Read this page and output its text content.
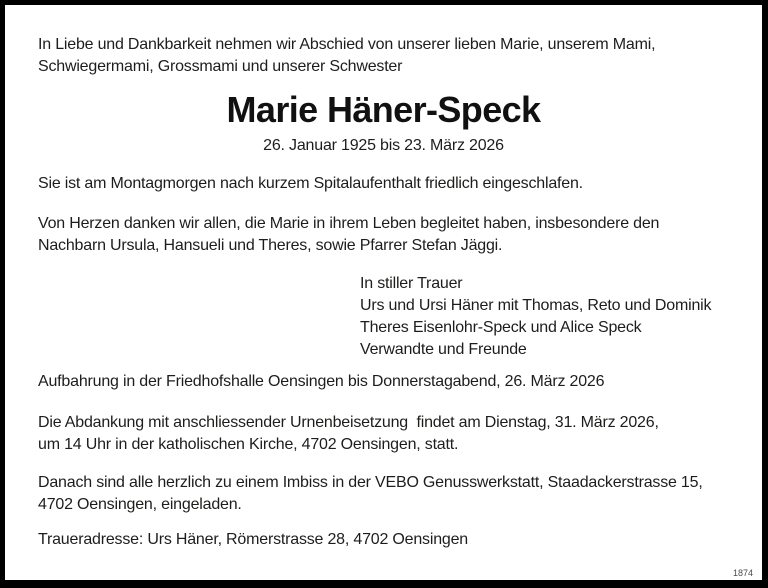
In Liebe und Dankbarkeit nehmen wir Abschied von unserer lieben Marie, unserem Mami,
Schwiegermami, Grossmami und unserer Schwester
Marie Häner-Speck
26. Januar 1925 bis 23. März 2026
Sie ist am Montagmorgen nach kurzem Spitalaufenthalt friedlich eingeschlafen.
Von Herzen danken wir allen, die Marie in ihrem Leben begleitet haben, insbesondere den
Nachbarn Ursula, Hansueli und Theres, sowie Pfarrer Stefan Jäggi.
In stiller Trauer
Urs und Ursi Häner mit Thomas, Reto und Dominik
Theres Eisenlohr-Speck und Alice Speck
Verwandte und Freunde
Aufbahrung in der Friedhofshalle Oensingen bis Donnerstagabend, 26. März 2026
Die Abdankung mit anschliessender Urnenbeisetzung  findet am Dienstag, 31. März 2026,
um 14 Uhr in der katholischen Kirche, 4702 Oensingen, statt.
Danach sind alle herzlich zu einem Imbiss in der VEBO Genusswerkstatt, Staadackerstrasse 15,
4702 Oensingen, eingeladen.
Traueradresse: Urs Häner, Römerstrasse 28, 4702 Oensingen
1874
